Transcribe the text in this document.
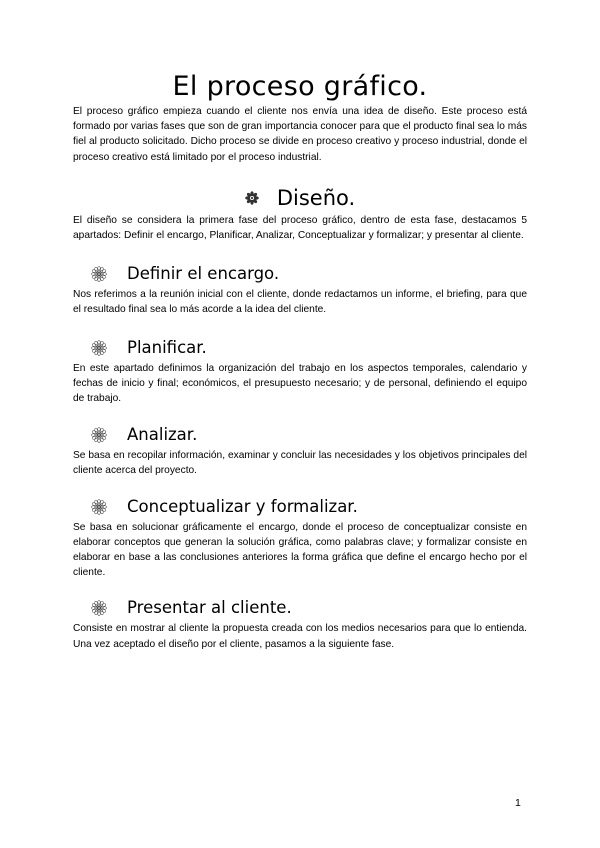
El proceso gráfico.

El proceso gráfico empieza cuando el cliente nos envía una idea de diseño. Este proceso está formado por varias fases que son de gran importancia conocer para que el producto final sea lo más fiel al producto solicitado. Dicho proceso se divide en proceso creativo y proceso industrial, donde el proceso creativo está limitado por el proceso industrial.

Diseño.

El diseño se considera la primera fase del proceso gráfico, dentro de esta fase, destacamos 5 apartados: Definir el encargo, Planificar, Analizar, Conceptualizar y formalizar; y presentar al cliente.

Definir el encargo.

Nos referimos a la reunión inicial con el cliente, donde redactamos un informe, el briefing, para que el resultado final sea lo más acorde a la idea del cliente.

Planificar.

En este apartado definimos la organización del trabajo en los aspectos temporales, calendario y fechas de inicio y final; económicos, el presupuesto necesario; y de personal, definiendo el equipo de trabajo.

Analizar.

Se basa en recopilar información, examinar y concluir las necesidades y los objetivos principales del cliente acerca del proyecto.

Conceptualizar y formalizar.

Se basa en solucionar gráficamente el encargo, donde el proceso de conceptualizar consiste en elaborar conceptos que generan la solución gráfica, como palabras clave; y formalizar consiste en elaborar en base a las conclusiones anteriores la forma gráfica que define el encargo hecho por el cliente.

Presentar al cliente.

Consiste en mostrar al cliente la propuesta creada con los medios necesarios para que lo entienda. Una vez aceptado el diseño por el cliente, pasamos a la siguiente fase.

1
